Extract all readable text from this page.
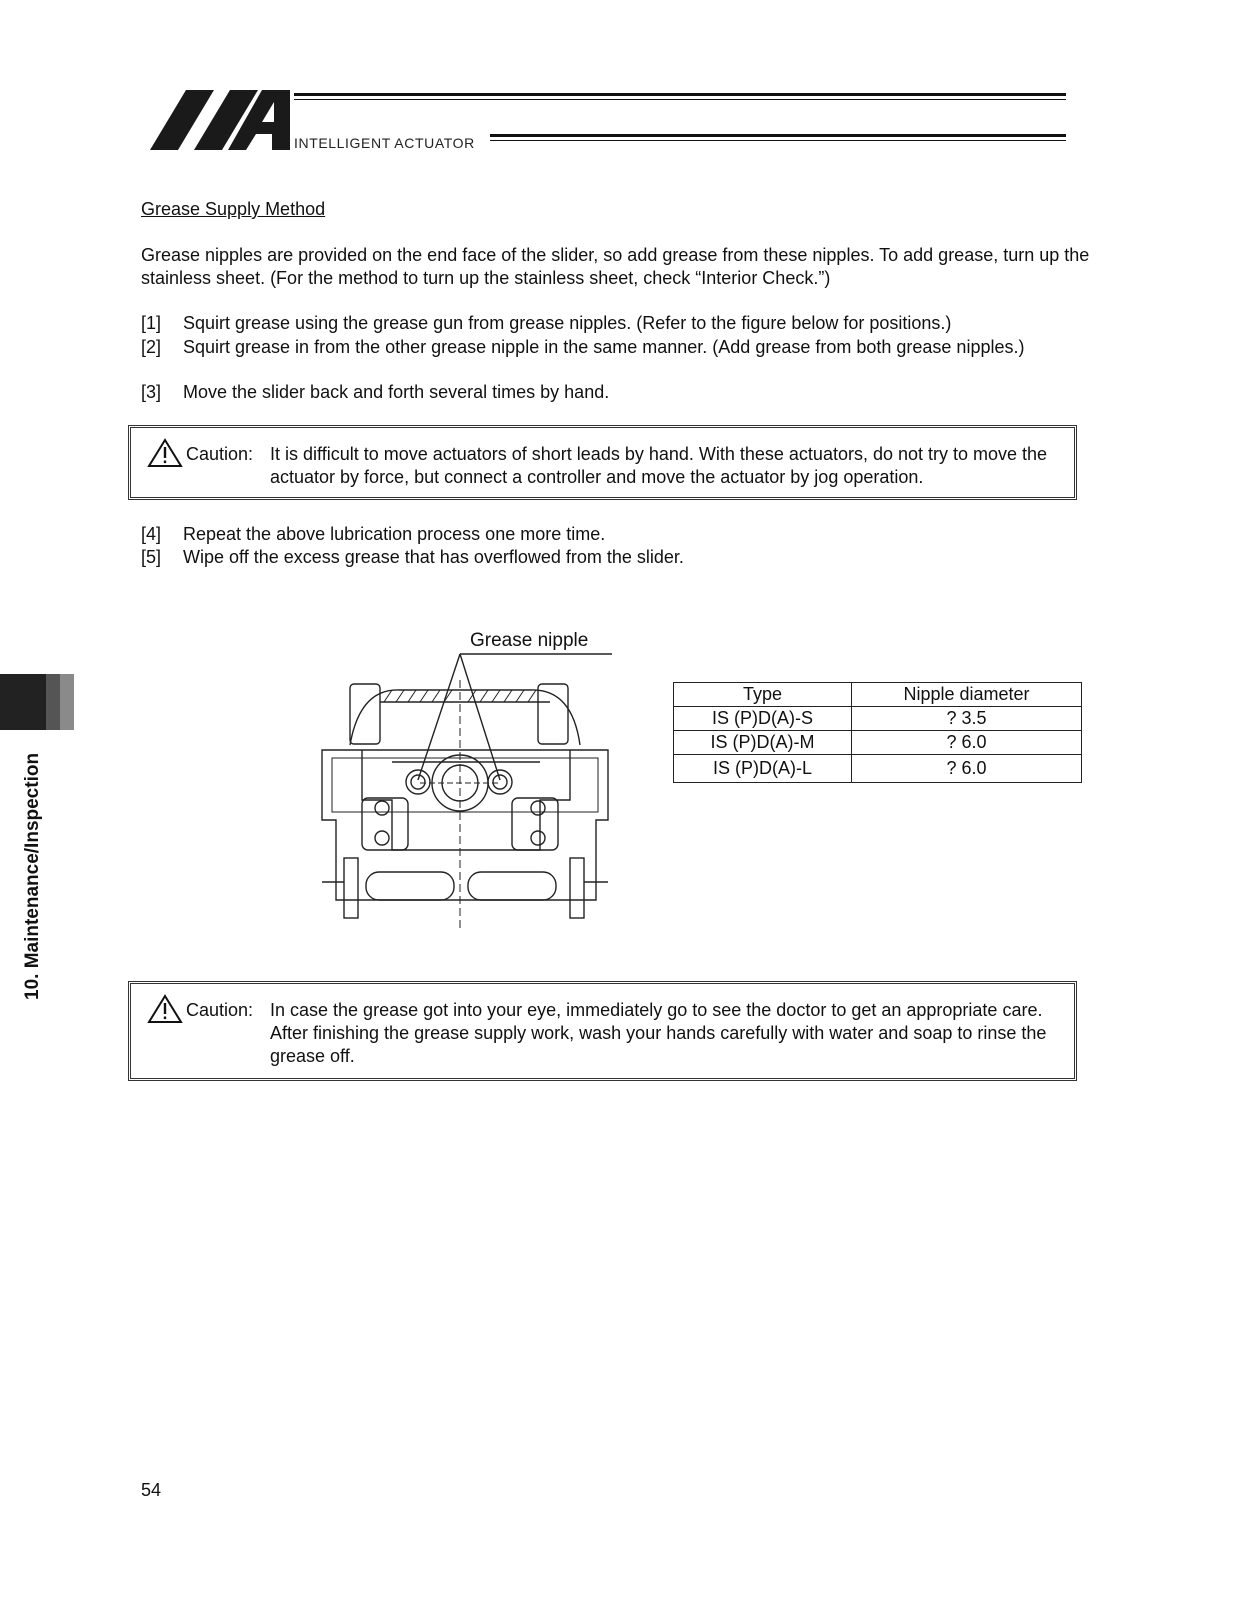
INTELLIGENT ACTUATOR
Grease Supply Method
Grease nipples are provided on the end face of the slider, so add grease from these nipples. To add grease, turn up the stainless sheet. (For the method to turn up the stainless sheet, check “Interior Check.”)
[1] Squirt grease using the grease gun from grease nipples. (Refer to the figure below for positions.)
[2] Squirt grease in from the other grease nipple in the same manner. (Add grease from both grease nipples.)
[3] Move the slider back and forth several times by hand.
Caution: It is difficult to move actuators of short leads by hand. With these actuators, do not try to move the actuator by force, but connect a controller and move the actuator by jog operation.
[4] Repeat the above lubrication process one more time.
[5] Wipe off the excess grease that has overflowed from the slider.
10. Maintenance/Inspection
Grease nipple
Type	Nipple diameter
IS (P)D(A)-S	? 3.5
IS (P)D(A)-M	? 6.0
IS (P)D(A)-L	? 6.0
Caution: In case the grease got into your eye, immediately go to see the doctor to get an appropriate care. After finishing the grease supply work, wash your hands carefully with water and soap to rinse the grease off.
54
